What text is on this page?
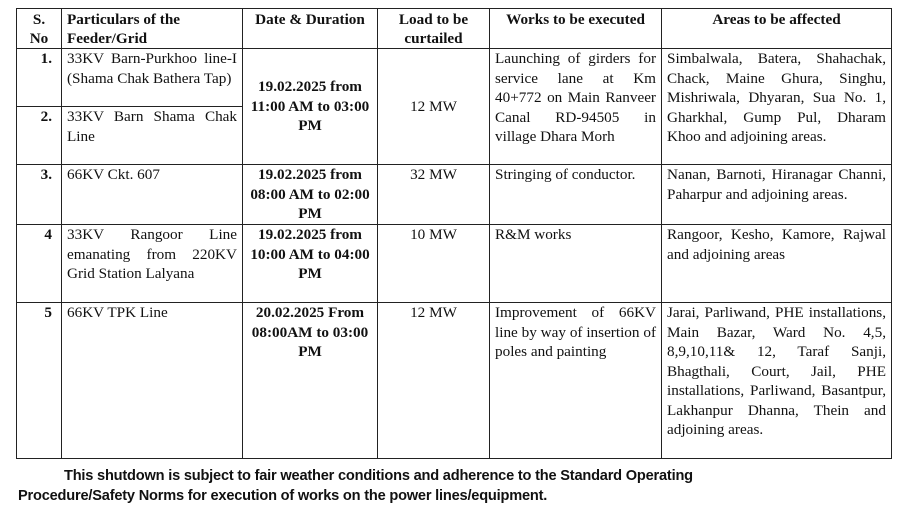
S. No	Particulars of the Feeder/Grid	Date & Duration	Load to be curtailed	Works to be executed	Areas to be affected
1.	33KV Barn-Purkhoo line-I (Shama Chak Bathera Tap)	19.02.2025 from 11:00 AM to 03:00 PM	12 MW	Launching of girders for service lane at Km 40+772 on Main Ranveer Canal RD-94505 in village Dhara Morh	Simbalwala, Batera, Shahachak, Chack, Maine Ghura, Singhu, Mishriwala, Dhyaran, Sua No. 1, Gharkhal, Gump Pul, Dharam Khoo and adjoining areas.
2.	33KV Barn Shama Chak Line				
3.	66KV Ckt. 607	19.02.2025 from 08:00 AM to 02:00 PM	32 MW	Stringing of conductor.	Nanan, Barnoti, Hiranagar Channi, Paharpur and adjoining areas.
4	33KV Rangoor Line emanating from 220KV Grid Station Lalyana	19.02.2025 from 10:00 AM to 04:00 PM	10 MW	R&M works	Rangoor, Kesho, Kamore, Rajwal and adjoining areas
5	66KV TPK Line	20.02.2025 From 08:00AM to 03:00 PM	12 MW	Improvement of 66KV line by way of insertion of poles and painting	Jarai, Parliwand, PHE installations, Main Bazar, Ward No. 4,5, 8,9,10,11& 12, Taraf Sanji, Bhagthali, Court, Jail, PHE installations, Parliwand, Basantpur, Lakhanpur Dhanna, Thein and adjoining areas.
This shutdown is subject to fair weather conditions and adherence to the Standard Operating
Procedure/Safety Norms for execution of works on the power lines/equipment.
